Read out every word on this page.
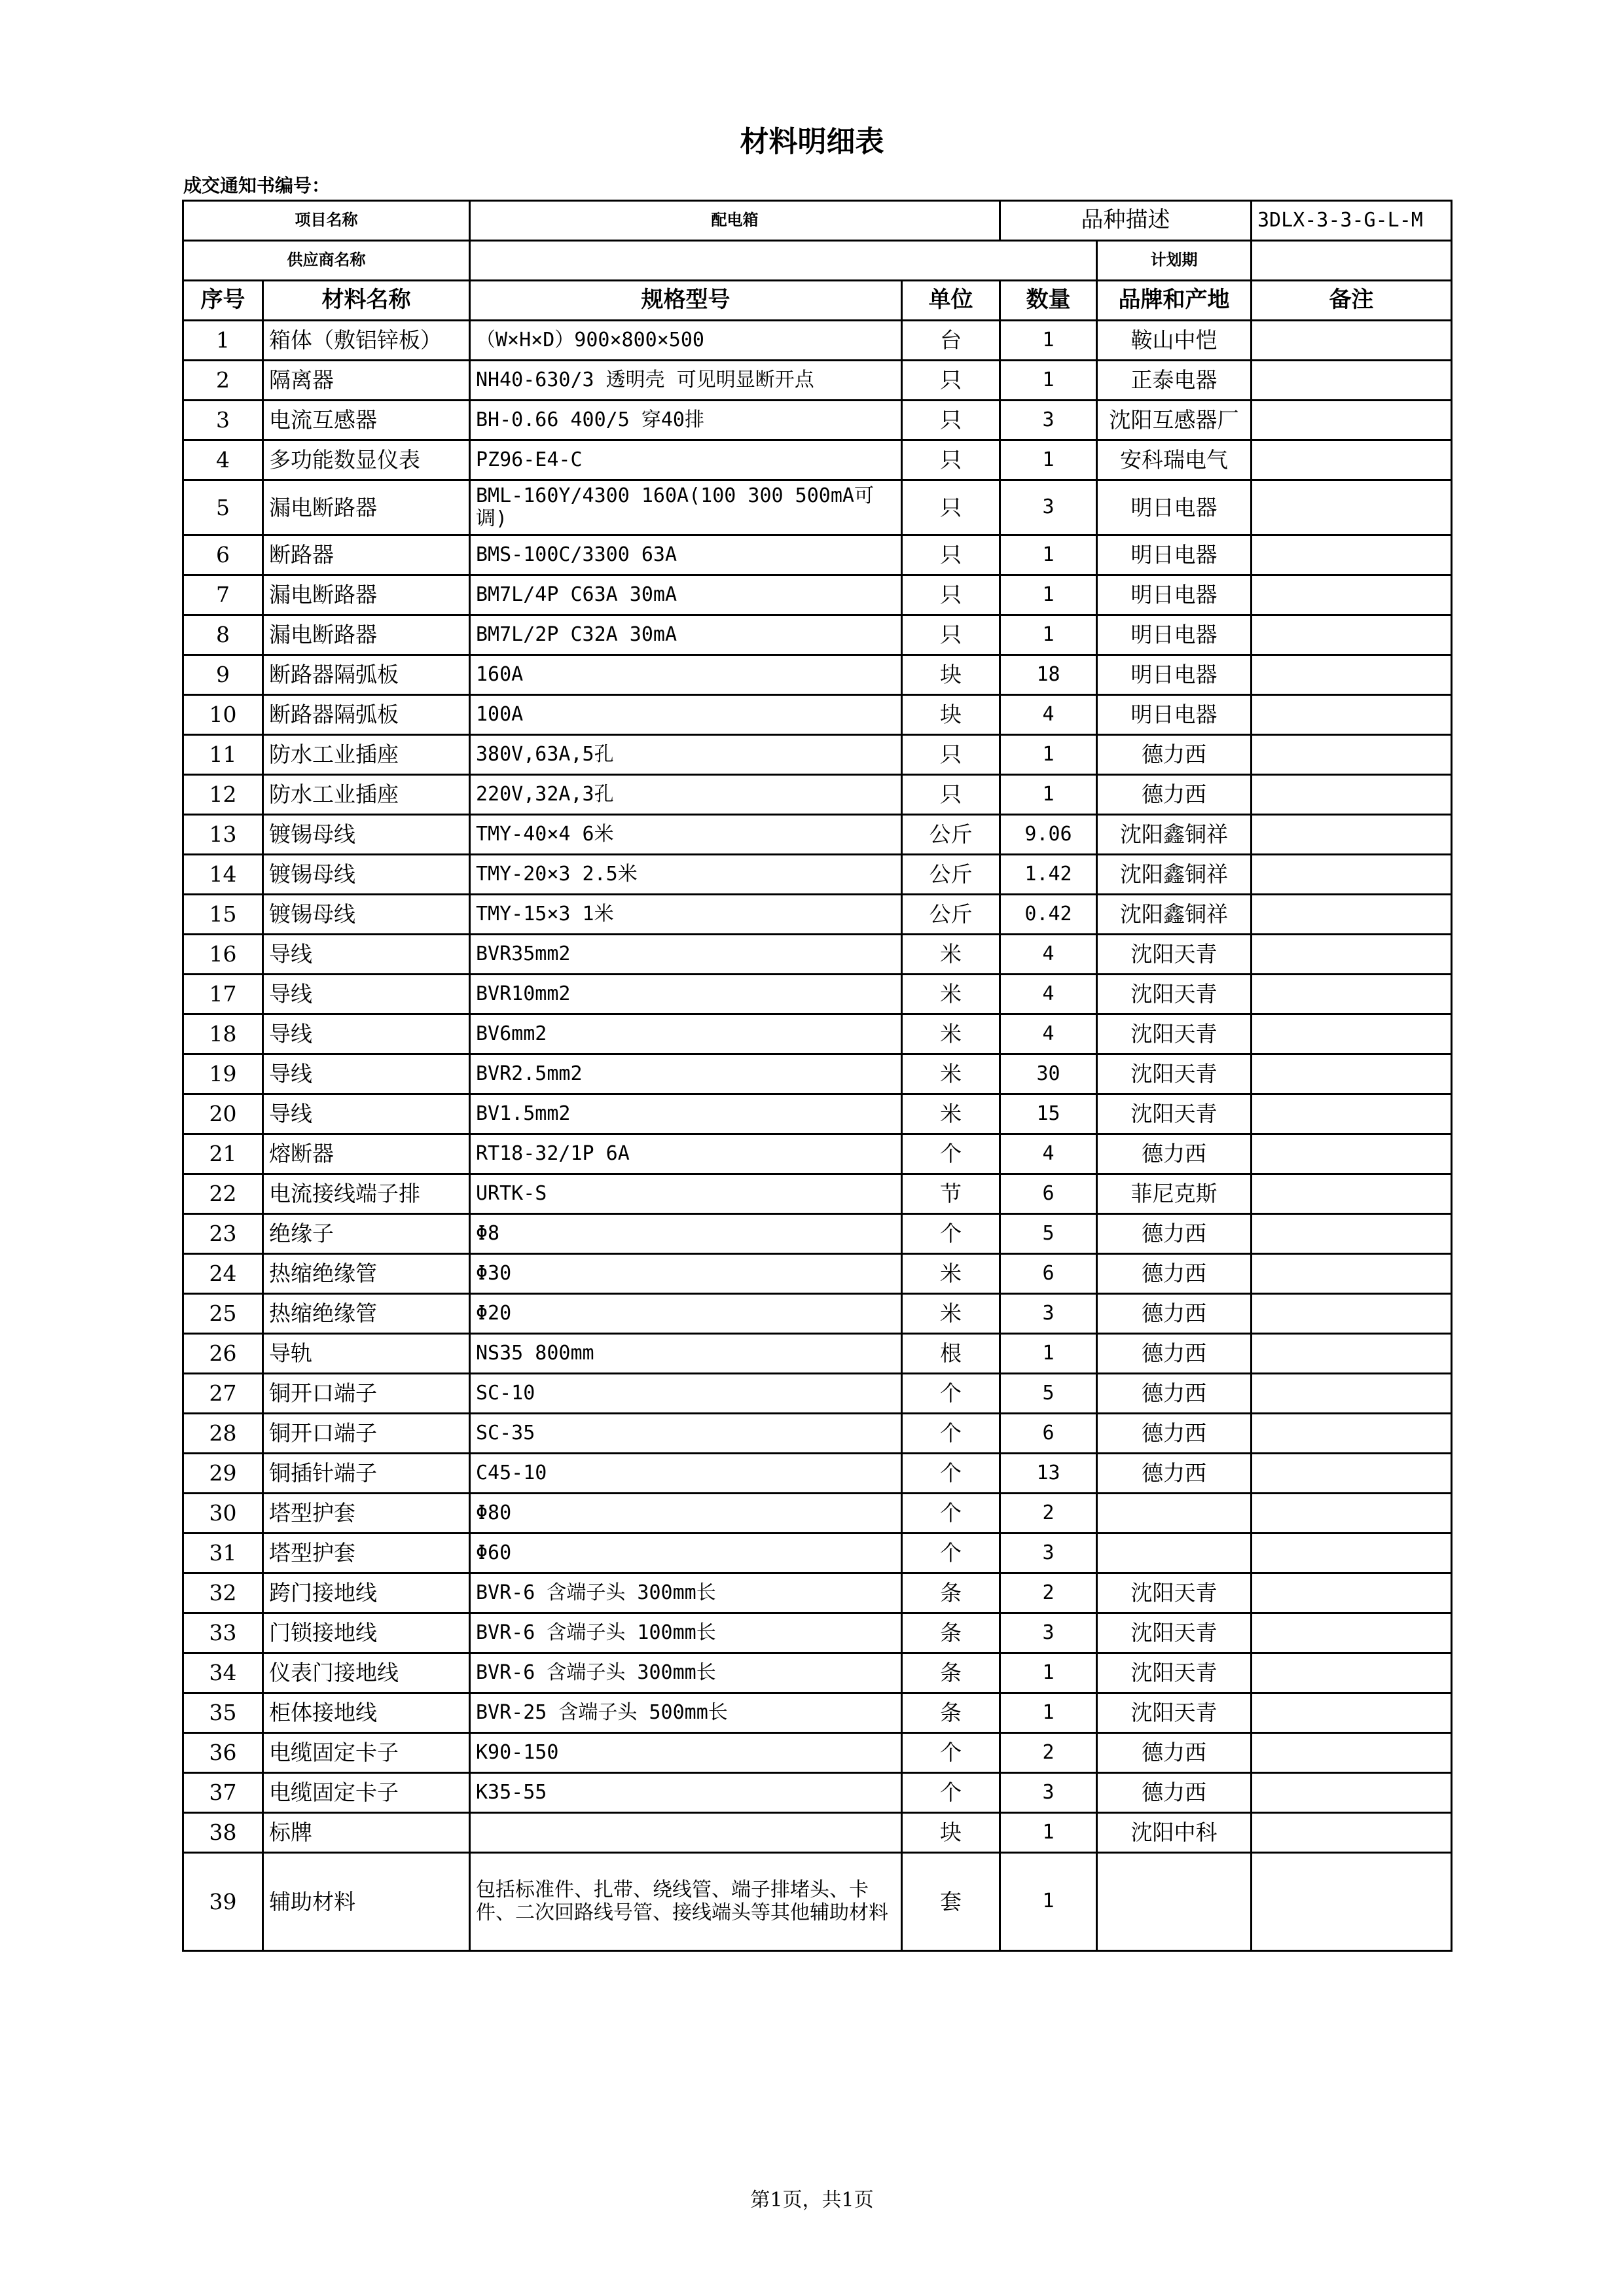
材料明细表
成交通知书编号：
项目名称		配电箱		品种描述		3DLX-3-3-G-L-M
供应商名称					计划期	
序号	材料名称	规格型号	单位	数量	品牌和产地	备注
1	箱体（敷铝锌板）	（W×H×D）900×800×500	台	1	鞍山中恺	
2	隔离器	NH40-630/3 透明壳 可见明显断开点	只	1	正泰电器	
3	电流互感器	BH-0.66 400/5 穿40排	只	3	沈阳互感器厂	
4	多功能数显仪表	PZ96-E4-C	只	1	安科瑞电气	
5	漏电断路器	BML-160Y/4300 160A(100 300 500mA可调)	只	3	明日电器	
6	断路器	BMS-100C/3300 63A	只	1	明日电器	
7	漏电断路器	BM7L/4P C63A 30mA	只	1	明日电器	
8	漏电断路器	BM7L/2P C32A 30mA	只	1	明日电器	
9	断路器隔弧板	160A	块	18	明日电器	
10	断路器隔弧板	100A	块	4	明日电器	
11	防水工业插座	380V,63A,5孔	只	1	德力西	
12	防水工业插座	220V,32A,3孔	只	1	德力西	
13	镀锡母线	TMY-40×4 6米	公斤	9.06	沈阳鑫铜祥	
14	镀锡母线	TMY-20×3 2.5米	公斤	1.42	沈阳鑫铜祥	
15	镀锡母线	TMY-15×3 1米	公斤	0.42	沈阳鑫铜祥	
16	导线	BVR35mm2	米	4	沈阳天青	
17	导线	BVR10mm2	米	4	沈阳天青	
18	导线	BV6mm2	米	4	沈阳天青	
19	导线	BVR2.5mm2	米	30	沈阳天青	
20	导线	BV1.5mm2	米	15	沈阳天青	
21	熔断器	RT18-32/1P 6A	个	4	德力西	
22	电流接线端子排	URTK-S	节	6	菲尼克斯	
23	绝缘子	Φ8	个	5	德力西	
24	热缩绝缘管	Φ30	米	6	德力西	
25	热缩绝缘管	Φ20	米	3	德力西	
26	导轨	NS35 800mm	根	1	德力西	
27	铜开口端子	SC-10	个	5	德力西	
28	铜开口端子	SC-35	个	6	德力西	
29	铜插针端子	C45-10	个	13	德力西	
30	塔型护套	Φ80	个	2		
31	塔型护套	Φ60	个	3		
32	跨门接地线	BVR-6 含端子头 300mm长	条	2	沈阳天青	
33	门锁接地线	BVR-6 含端子头 100mm长	条	3	沈阳天青	
34	仪表门接地线	BVR-6 含端子头 300mm长	条	1	沈阳天青	
35	柜体接地线	BVR-25 含端子头 500mm长	条	1	沈阳天青	
36	电缆固定卡子	K90-150	个	2	德力西	
37	电缆固定卡子	K35-55	个	3	德力西	
38	标牌		块	1	沈阳中科	
39	辅助材料	包括标准件、扎带、绕线管、端子排堵头、卡件、二次回路线号管、接线端头等其他辅助材料	套	1		
第1页，共1页
